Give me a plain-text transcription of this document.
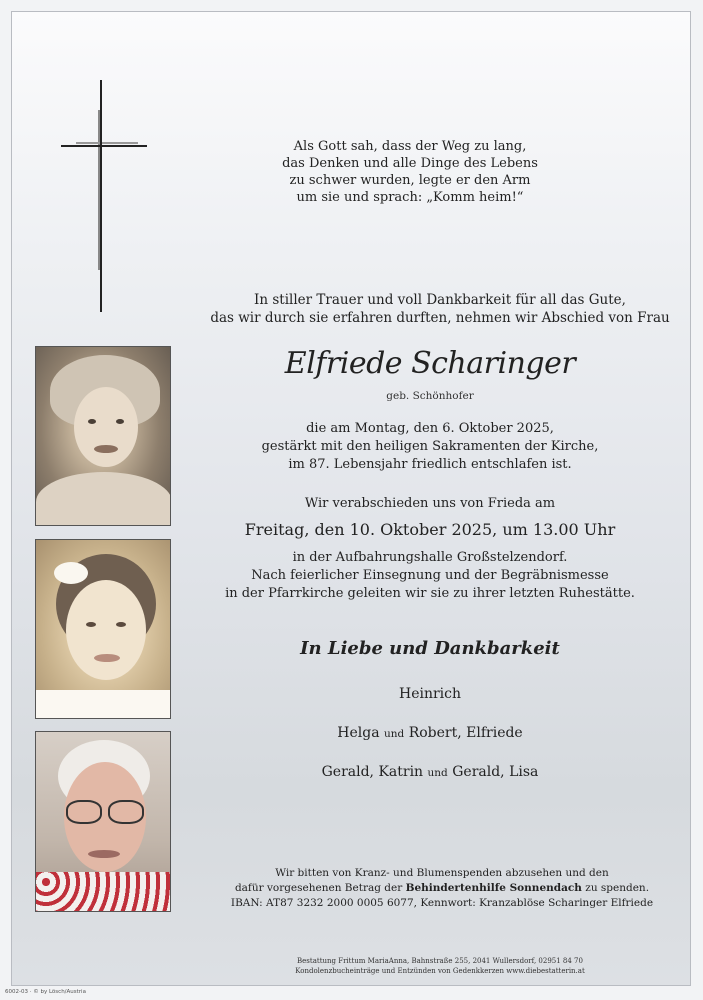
Als Gott sah, dass der Weg zu lang,
das Denken und alle Dinge des Lebens
zu schwer wurden, legte er den Arm
um sie und sprach: „Komm heim!“
In stiller Trauer und voll Dankbarkeit für all das Gute,
das wir durch sie erfahren durften, nehmen wir Abschied von Frau
Elfriede Scharinger
geb. Schönhofer
die am Montag, den 6. Oktober 2025,
gestärkt mit den heiligen Sakramenten der Kirche,
im 87. Lebensjahr friedlich entschlafen ist.
Wir verabschieden uns von Frieda am
Freitag, den 10. Oktober 2025, um 13.00 Uhr
in der Aufbahrungshalle Großstelzendorf.
Nach feierlicher Einsegnung und der Begräbnismesse
in der Pfarrkirche geleiten wir sie zu ihrer letzten Ruhestätte.
In Liebe und Dankbarkeit
Heinrich
Helga und Robert, Elfriede
Gerald, Katrin und Gerald, Lisa
Wir bitten von Kranz- und Blumenspenden abzusehen und den
dafür vorgesehenen Betrag der Behindertenhilfe Sonnendach zu spenden.
IBAN: AT87 3232 2000 0005 6077, Kennwort: Kranzablöse Scharinger Elfriede
Bestattung Frittum MariaAnna, Bahnstraße 255, 2041 Wullersdorf, 02951 84 70
Kondolenzbucheinträge und Entzünden von Gedenkkerzen www.diebestatterin.at
6002-03 · © by Lösch/Austria
